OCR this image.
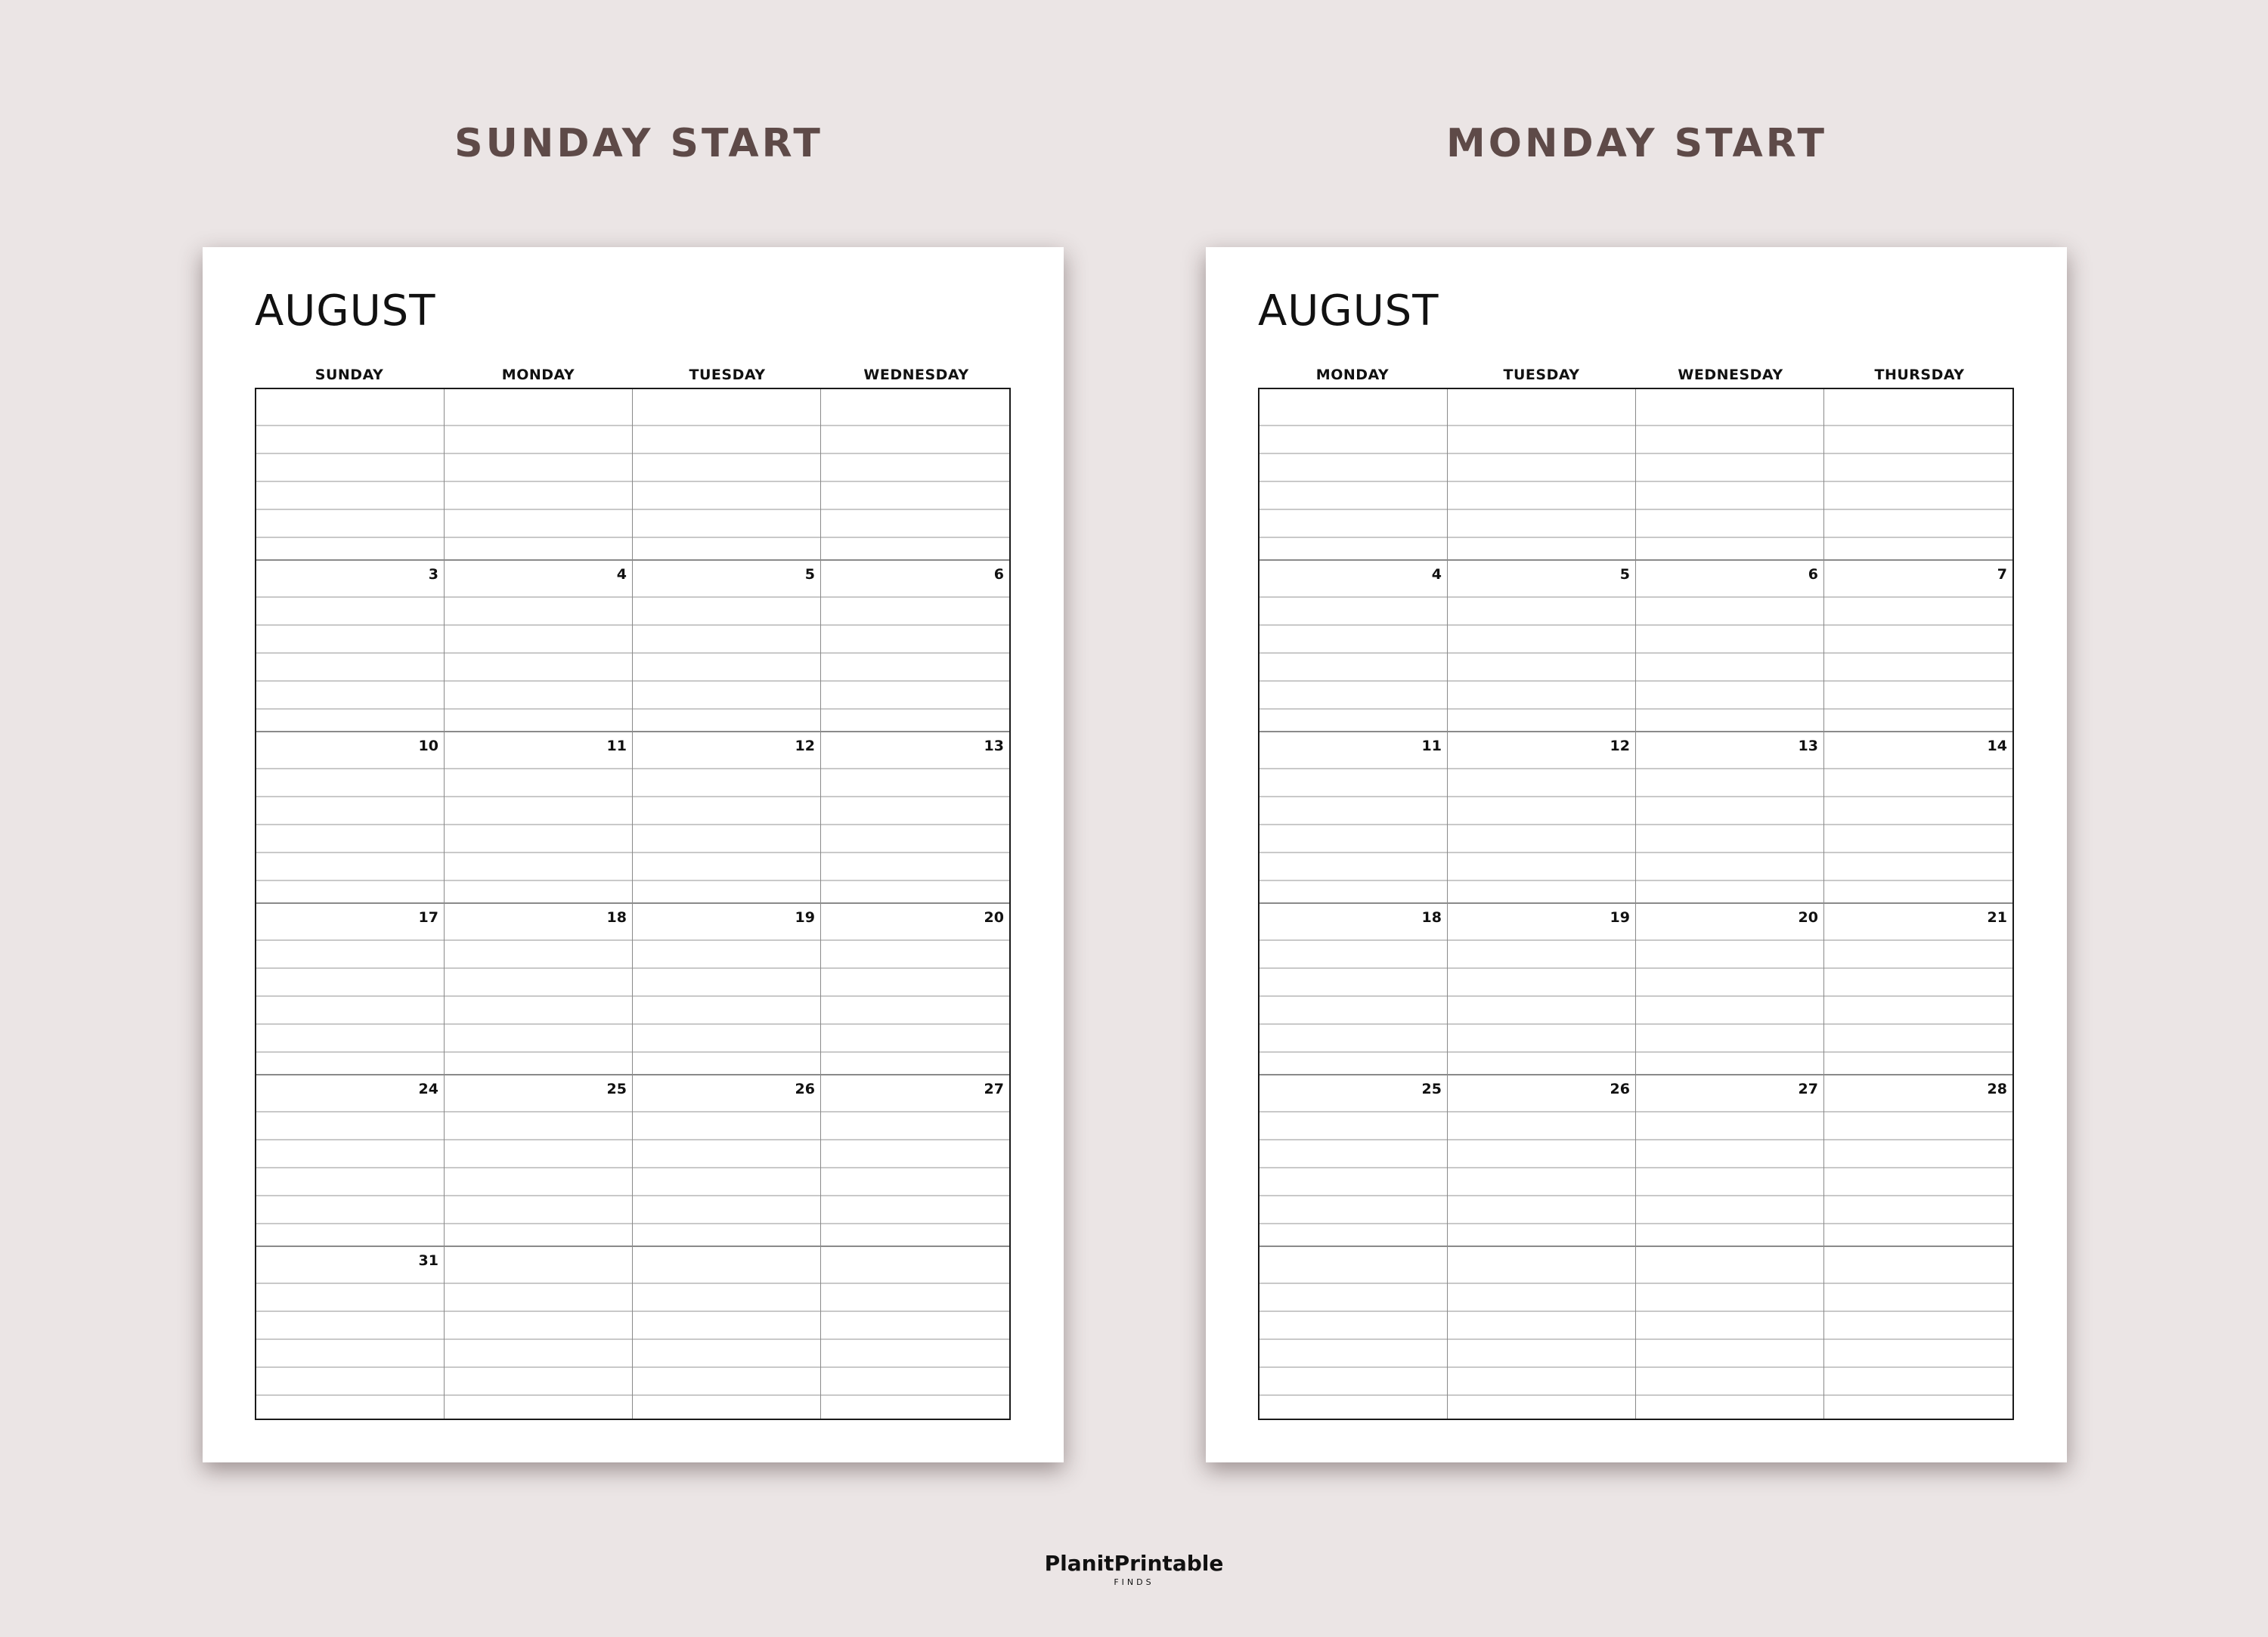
SUNDAY START	MONDAY START
AUGUST
SUNDAY	MONDAY	TUESDAY	WEDNESDAY
3	4	5	6
10	11	12	13
17	18	19	20
24	25	26	27
31
AUGUST
MONDAY	TUESDAY	WEDNESDAY	THURSDAY
4	5	6	7
11	12	13	14
18	19	20	21
25	26	27	28
PlanitPrintable
FINDS
